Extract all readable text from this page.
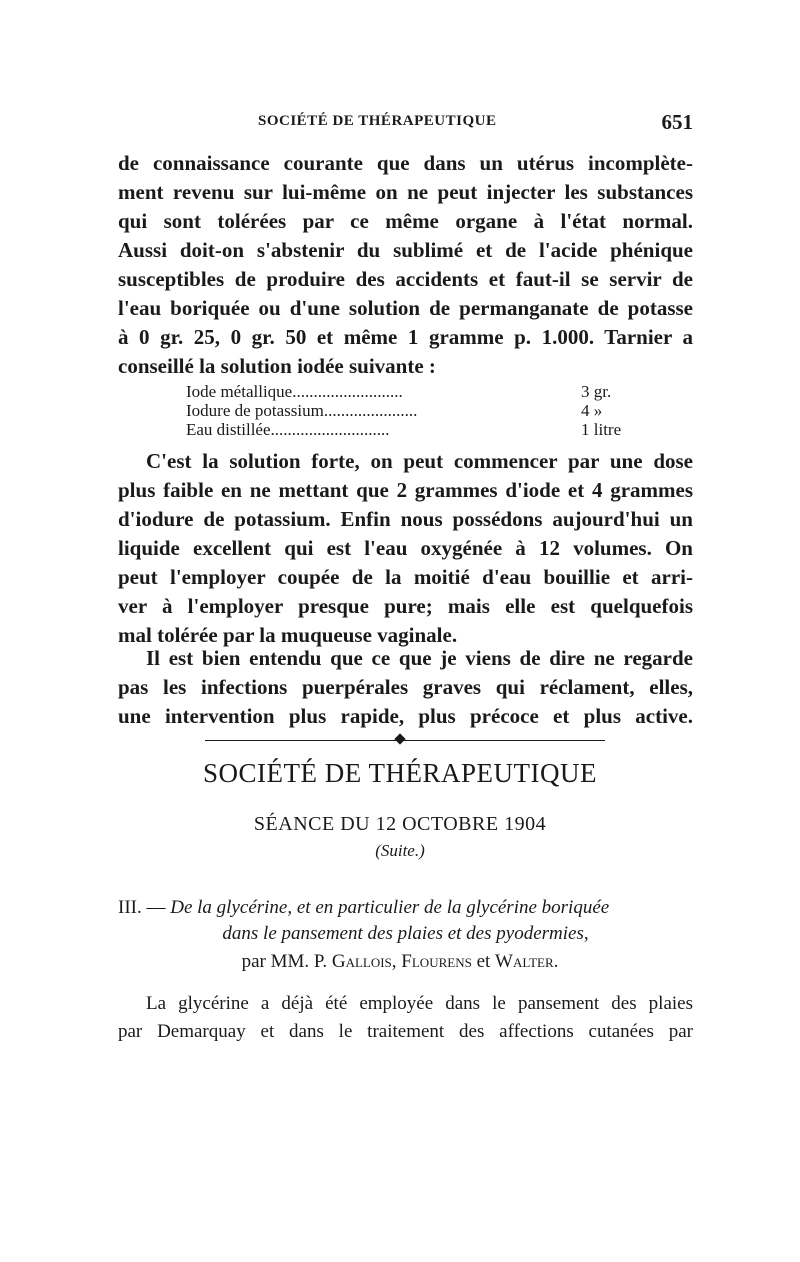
SOCIÉTÉ DE THÉRAPEUTIQUE	651
de connaissance courante que dans un utérus incomplète-
ment revenu sur lui-même on ne peut injecter les substances
qui sont tolérées par ce même organe à l'état normal.
Aussi doit-on s'abstenir du sublimé et de l'acide phénique
susceptibles de produire des accidents et faut-il se servir de
l'eau boriquée ou d'une solution de permanganate de potasse
à 0 gr. 25, 0 gr. 50 et même 1 gramme p. 1.000. Tarnier a
conseillé la solution iodée suivante :
Iode métallique..........................	3 gr.
Iodure de potassium......................	4 »
Eau distillée............................	1 litre
C'est la solution forte, on peut commencer par une dose
plus faible en ne mettant que 2 grammes d'iode et 4 grammes
d'iodure de potassium. Enfin nous possédons aujourd'hui un
liquide excellent qui est l'eau oxygénée à 12 volumes. On
peut l'employer coupée de la moitié d'eau bouillie et arri-
ver à l'employer presque pure; mais elle est quelquefois
mal tolérée par la muqueuse vaginale.
Il est bien entendu que ce que je viens de dire ne regarde
pas les infections puerpérales graves qui réclament, elles,
une intervention plus rapide, plus précoce et plus active.
SOCIÉTÉ DE THÉRAPEUTIQUE
SÉANCE DU 12 OCTOBRE 1904
(Suite.)
III. — De la glycérine, et en particulier de la glycérine boriquée
dans le pansement des plaies et des pyodermies,
par MM. P. Gallois, Flourens et Walter.
La glycérine a déjà été employée dans le pansement des plaies
par Demarquay et dans le traitement des affections cutanées par
